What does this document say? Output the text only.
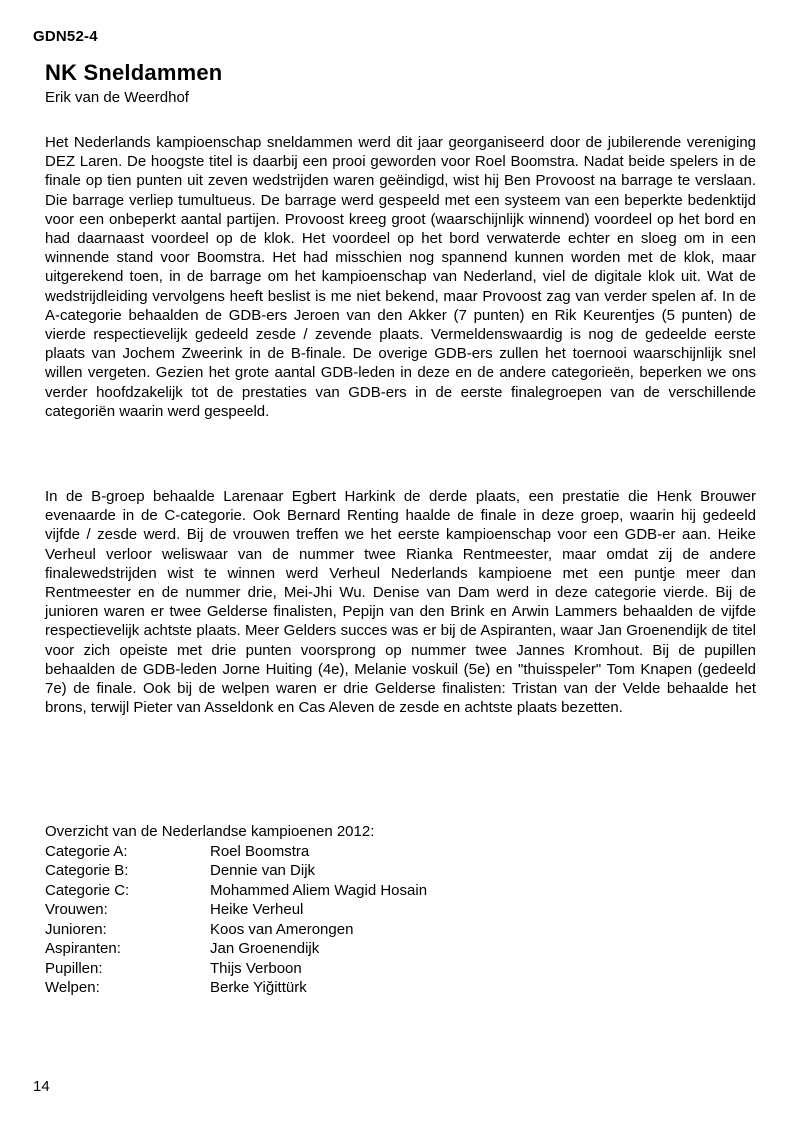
GDN52-4
NK Sneldammen
Erik van de Weerdhof

Het Nederlands kampioenschap sneldammen werd dit jaar georganiseerd door de jubilerende vereniging DEZ Laren. De hoogste titel is daarbij een prooi geworden voor Roel Boomstra. Nadat beide spelers in de finale op tien punten uit zeven wedstrijden waren geëindigd, wist hij Ben Provoost na barrage te verslaan. Die barrage verliep tumultueus. De barrage werd gespeeld met een systeem van een beperkte bedenktijd voor een onbeperkt aantal partijen. Provoost kreeg groot (waarschijnlijk winnend) voordeel op het bord en had daarnaast voordeel op de klok. Het voordeel op het bord verwaterde echter en sloeg om in een winnende stand voor Boomstra. Het had misschien nog spannend kunnen worden met de klok, maar uitgerekend toen, in de barrage om het kampioenschap van Nederland, viel de digitale klok uit. Wat de wedstrijdleiding vervolgens heeft beslist is me niet bekend, maar Provoost zag van verder spelen af. In de A-categorie behaalden de GDB-ers Jeroen van den Akker (7 punten) en Rik Keurentjes (5 punten) de vierde respectievelijk gedeeld zesde / zevende plaats. Vermeldenswaardig is nog de gedeelde eerste plaats van Jochem Zweerink in de B-finale. De overige GDB-ers zullen het toernooi waarschijnlijk snel willen vergeten. Gezien het grote aantal GDB-leden in deze en de andere categorieën, beperken we ons verder hoofdzakelijk tot de prestaties van GDB-ers in de eerste finalegroepen van de verschillende categoriën waarin werd gespeeld.

In de B-groep behaalde Larenaar Egbert Harkink de derde plaats, een prestatie die Henk Brouwer evenaarde in de C-categorie. Ook Bernard Renting haalde de finale in deze groep, waarin hij gedeeld vijfde / zesde werd. Bij de vrouwen treffen we het eerste kampioenschap voor een GDB-er aan. Heike Verheul verloor weliswaar van de nummer twee Rianka Rentmeester, maar omdat zij de andere finalewedstrijden wist te winnen werd Verheul Nederlands kampioene met een puntje meer dan Rentmeester en de nummer drie, Mei-Jhi Wu. Denise van Dam werd in deze categorie vierde. Bij de junioren waren er twee Gelderse finalisten, Pepijn van den Brink en Arwin Lammers behaalden de vijfde respectievelijk achtste plaats. Meer Gelders succes was er bij de Aspiranten, waar Jan Groenendijk de titel voor zich opeiste met drie punten voorsprong op nummer twee Jannes Kromhout. Bij de pupillen behaalden de GDB-leden Jorne Huiting (4e), Melanie voskuil (5e) en "thuisspeler" Tom Knapen (gedeeld 7e) de finale. Ook bij de welpen waren er drie Gelderse finalisten: Tristan van der Velde behaalde het brons, terwijl Pieter van Asseldonk en Cas Aleven de zesde en achtste plaats bezetten.

Overzicht van de Nederlandse kampioenen 2012:
Categorie A:	Roel Boomstra
Categorie B:	Dennie van Dijk
Categorie C:	Mohammed Aliem Wagid Hosain
Vrouwen:	Heike Verheul
Junioren:	Koos van Amerongen
Aspiranten:	Jan Groenendijk
Pupillen:	Thijs Verboon
Welpen:	Berke Yiğittürk
14
